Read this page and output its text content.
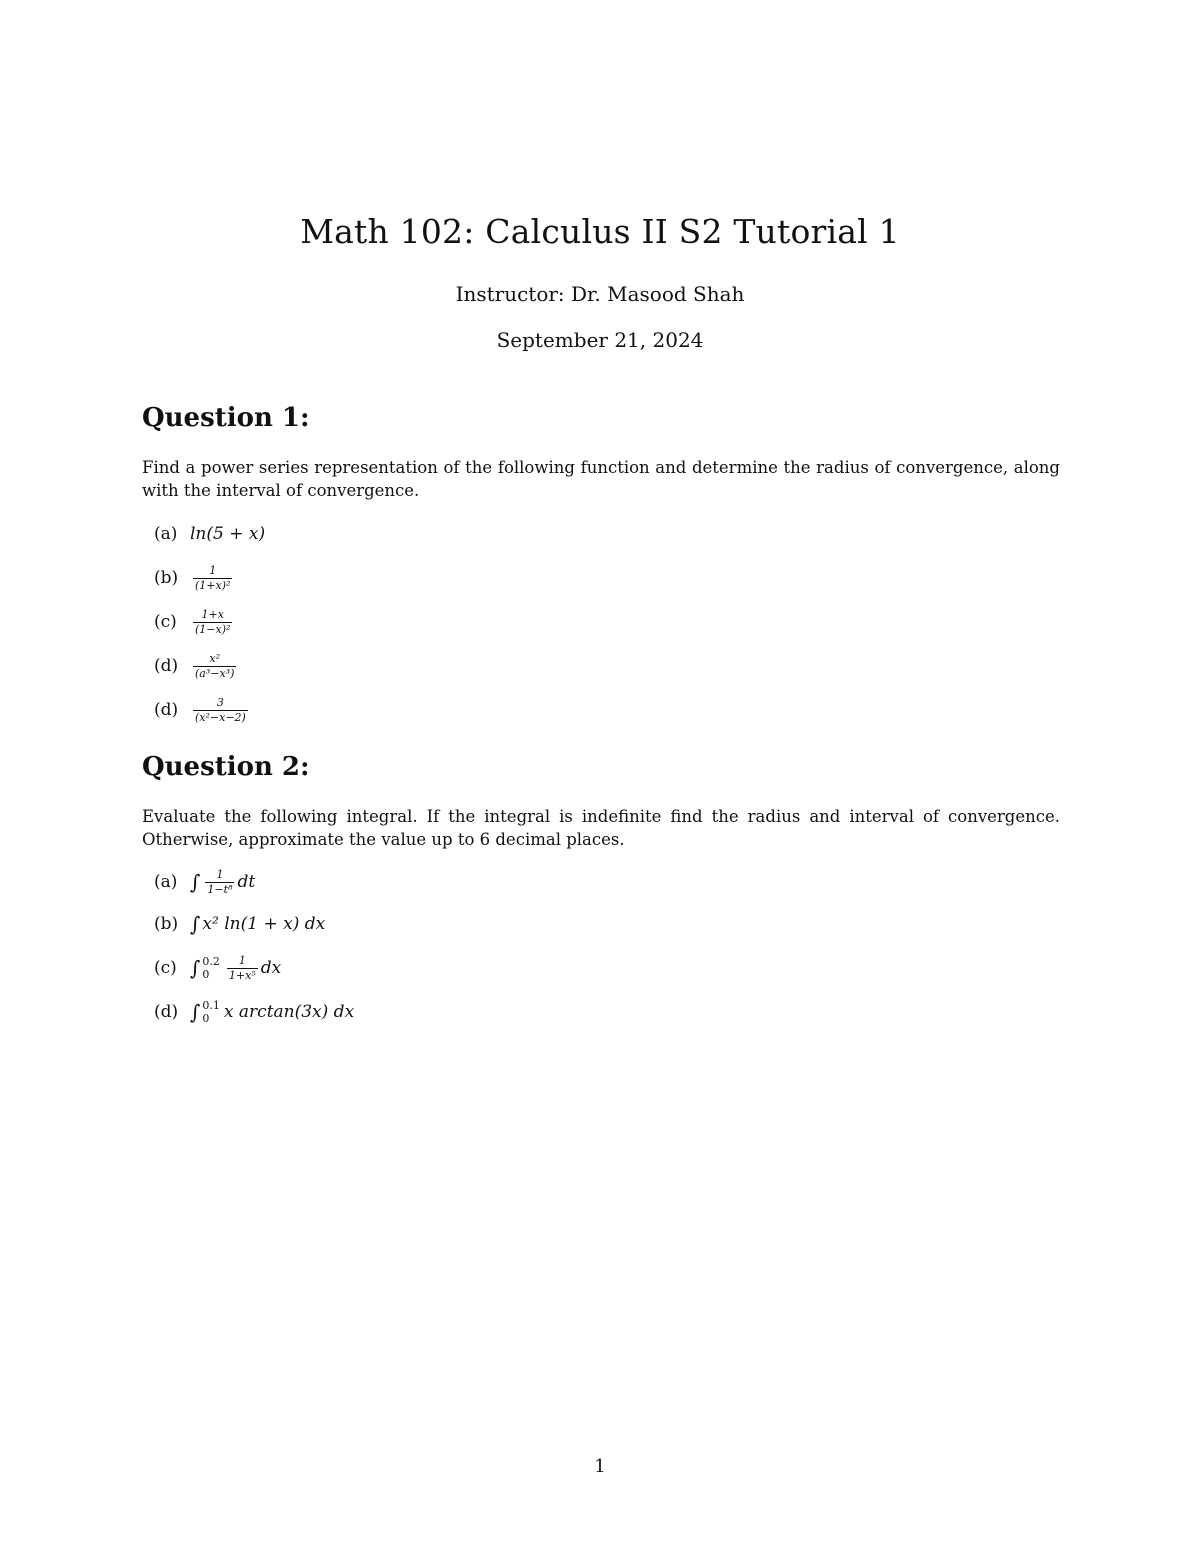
Math 102: Calculus II S2 Tutorial 1
Instructor: Dr. Masood Shah
September 21, 2024
Question 1:
Find a power series representation of the following function and determine the radius of convergence, along with the interval of convergence.
(a) ln(5 + x)
(b)	$\frac{1}{\text{(1+x)²}}$
(c)	$\frac{1+x}{\text{(1−x)²}}$
(d)	$\frac{\text{x²}}{\text{(a³−x³)}}$
(d)	$\frac{3}{\text{(x²−x−2)}}$
Question 2:
Evaluate the following integral. If the integral is indefinite find the radius and interval of convergence. Otherwise, approximate the value up to 6 decimal places.
(a) ∫ $\frac{1}{\text{1−t⁸}}$ dt
(b) ∫ x² ln(1 + x) dx
(c) ∫ 0.2
0	$\frac{1}{\text{1+x⁵}}$ dx
(d) ∫ 0.1
0 x arctan(3x) dx
1
